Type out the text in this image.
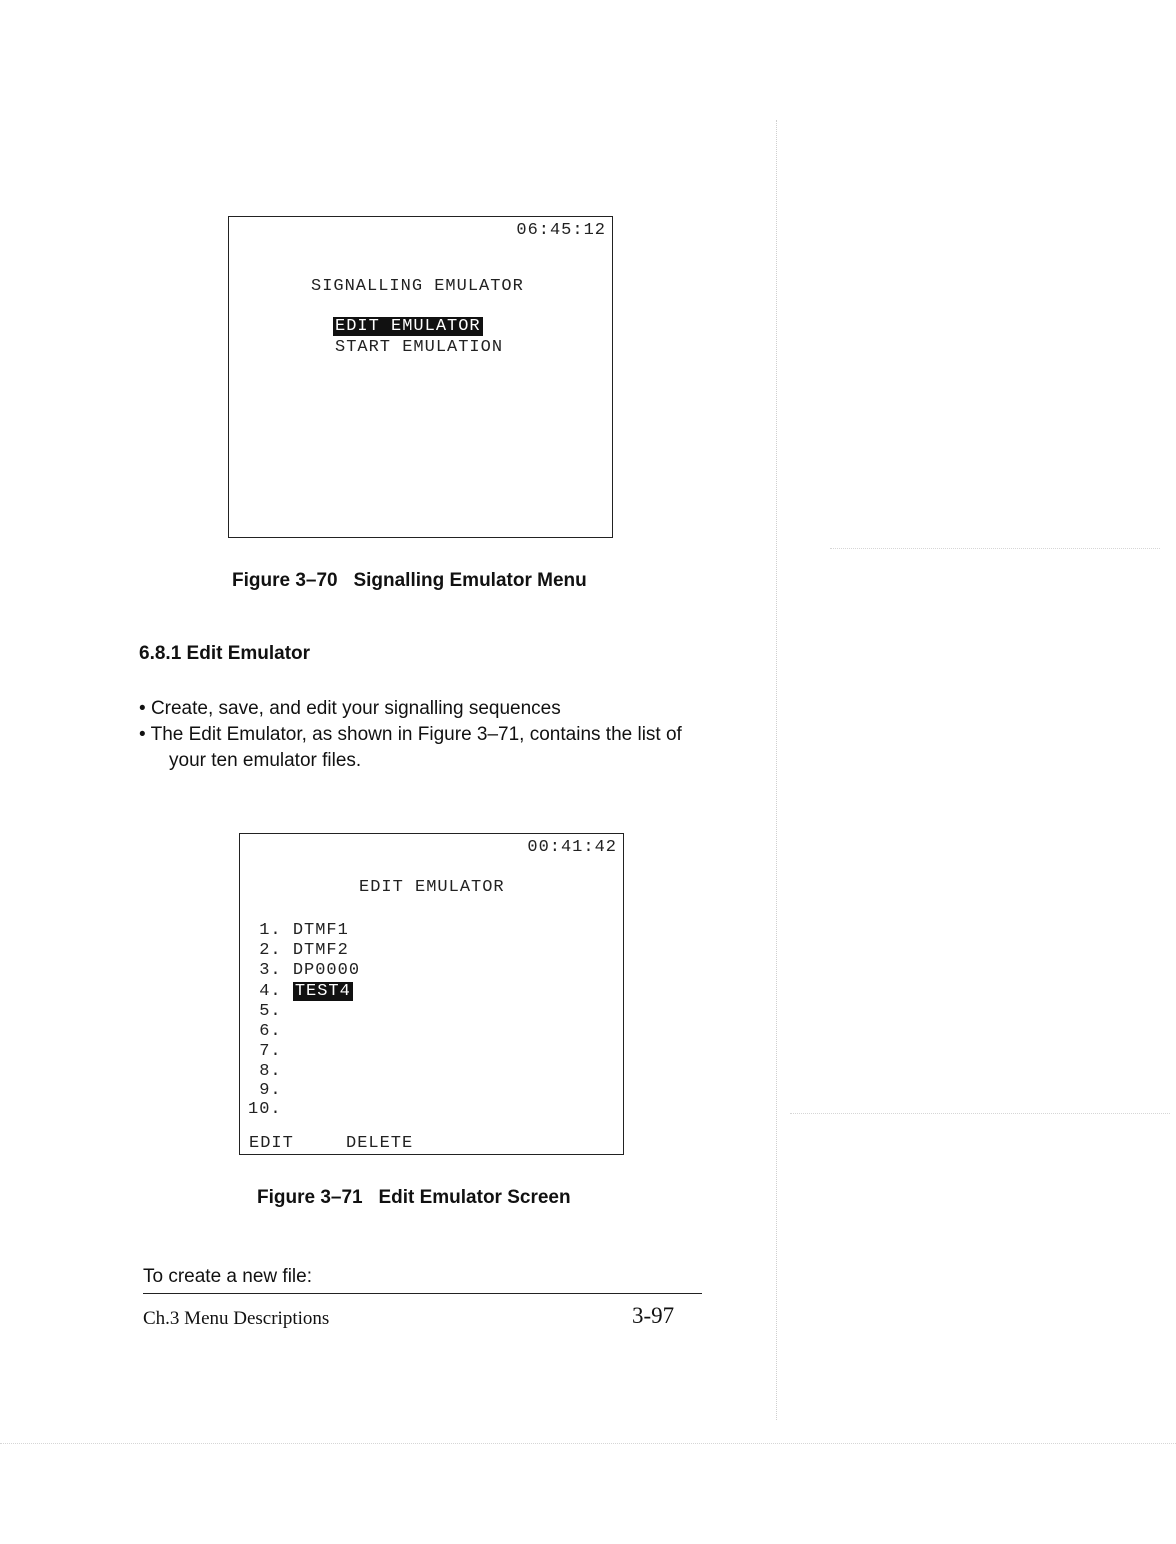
06:45:12
SIGNALLING EMULATOR
EDIT EMULATOR
START EMULATION
Figure 3–70   Signalling Emulator Menu
6.8.1 Edit Emulator
• Create, save, and edit your signalling sequences
• The Edit Emulator, as shown in Figure 3–71, contains the list of
your ten emulator files.
00:41:42
EDIT EMULATOR
1. DTMF1
2. DTMF2
3. DP0000
4. TEST4
5.
6.
7.
8.
9.
10.
EDIT	DELETE
Figure 3–71   Edit Emulator Screen
To create a new file:
Ch.3 Menu Descriptions	3-97
